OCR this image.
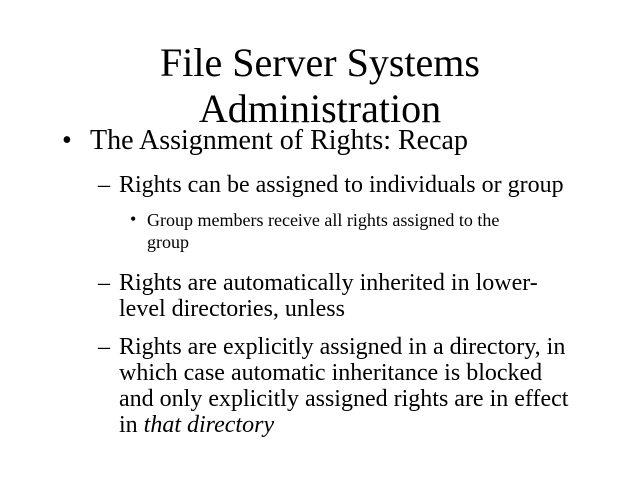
File Server Systems
Administration
• The Assignment of Rights: Recap
– Rights can be assigned to individuals or group
• Group members receive all rights assigned to the
group
– Rights are automatically inherited in lower-
level directories, unless
– Rights are explicitly assigned in a directory, in
which case automatic inheritance is blocked
and only explicitly assigned rights are in effect
in that directory
